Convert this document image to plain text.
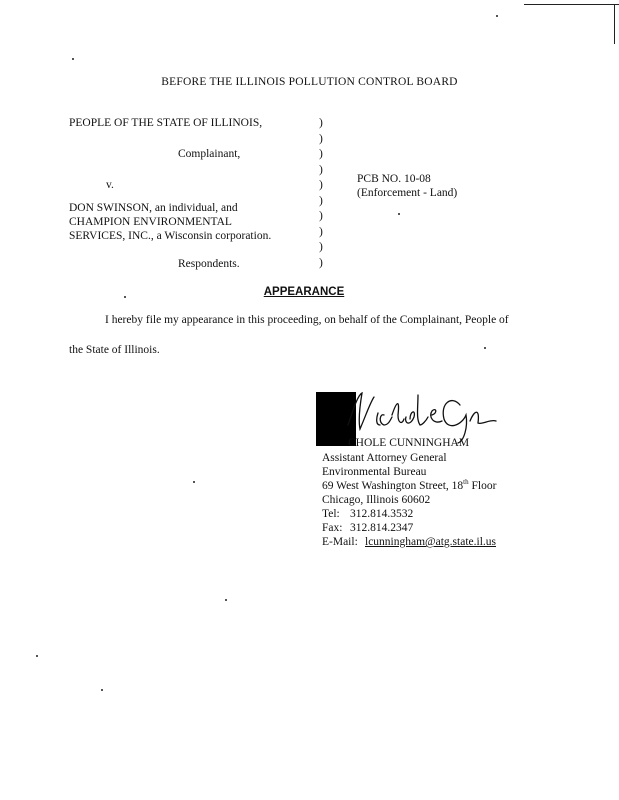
BEFORE THE ILLINOIS POLLUTION CONTROL BOARD
PEOPLE OF THE STATE OF ILLINOIS,
Complainant,
v.
DON SWINSON, an individual, and
CHAMPION ENVIRONMENTAL
SERVICES, INC., a Wisconsin corporation.
Respondents.
)
)
)
)
)
)
)
)
)
)
PCB NO. 10-08
(Enforcement - Land)
APPEARANCE
I hereby file my appearance in this proceeding, on behalf of the Complainant, People of
the State of Illinois.
CHOLE CUNNINGHAM
Assistant Attorney General
Environmental Bureau
69 West Washington Street, 18th Floor
Chicago, Illinois 60602
Tel: 312.814.3532
Fax: 312.814.2347
E-Mail: lcunningham@atg.state.il.us
